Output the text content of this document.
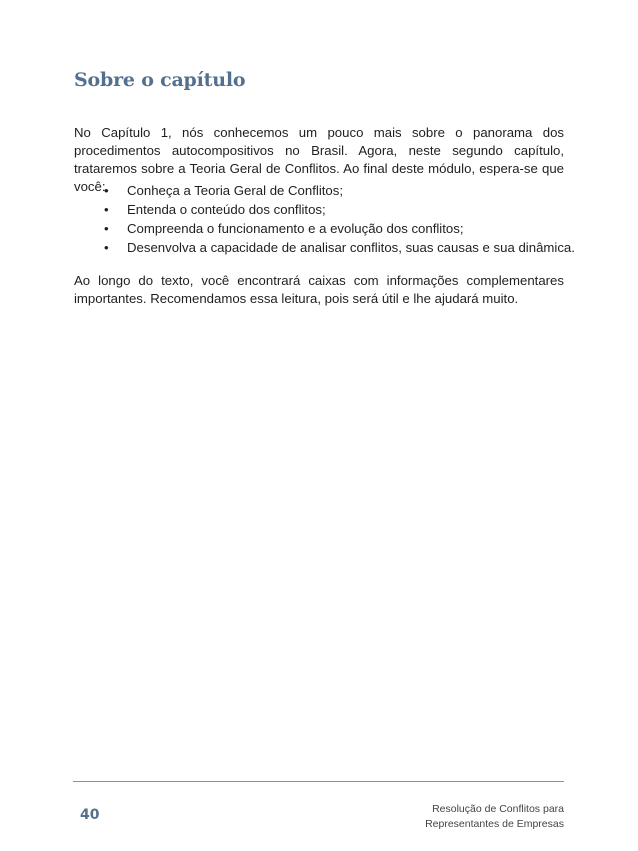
Sobre o capítulo

No Capítulo 1, nós conhecemos um pouco mais sobre o panorama dos procedimentos autocompositivos no Brasil. Agora, neste segundo capítulo, trataremos sobre a Teoria Geral de Conflitos. Ao final deste módulo, espera-se que você:

• Conheça a Teoria Geral de Conflitos;
• Entenda o conteúdo dos conflitos;
• Compreenda o funcionamento e a evolução dos conflitos;
• Desenvolva a capacidade de analisar conflitos, suas causas e sua dinâmica.

Ao longo do texto, você encontrará caixas com informações complementares importantes. Recomendamos essa leitura, pois será útil e lhe ajudará muito.

40	Resolução de Conflitos para
Representantes de Empresas
